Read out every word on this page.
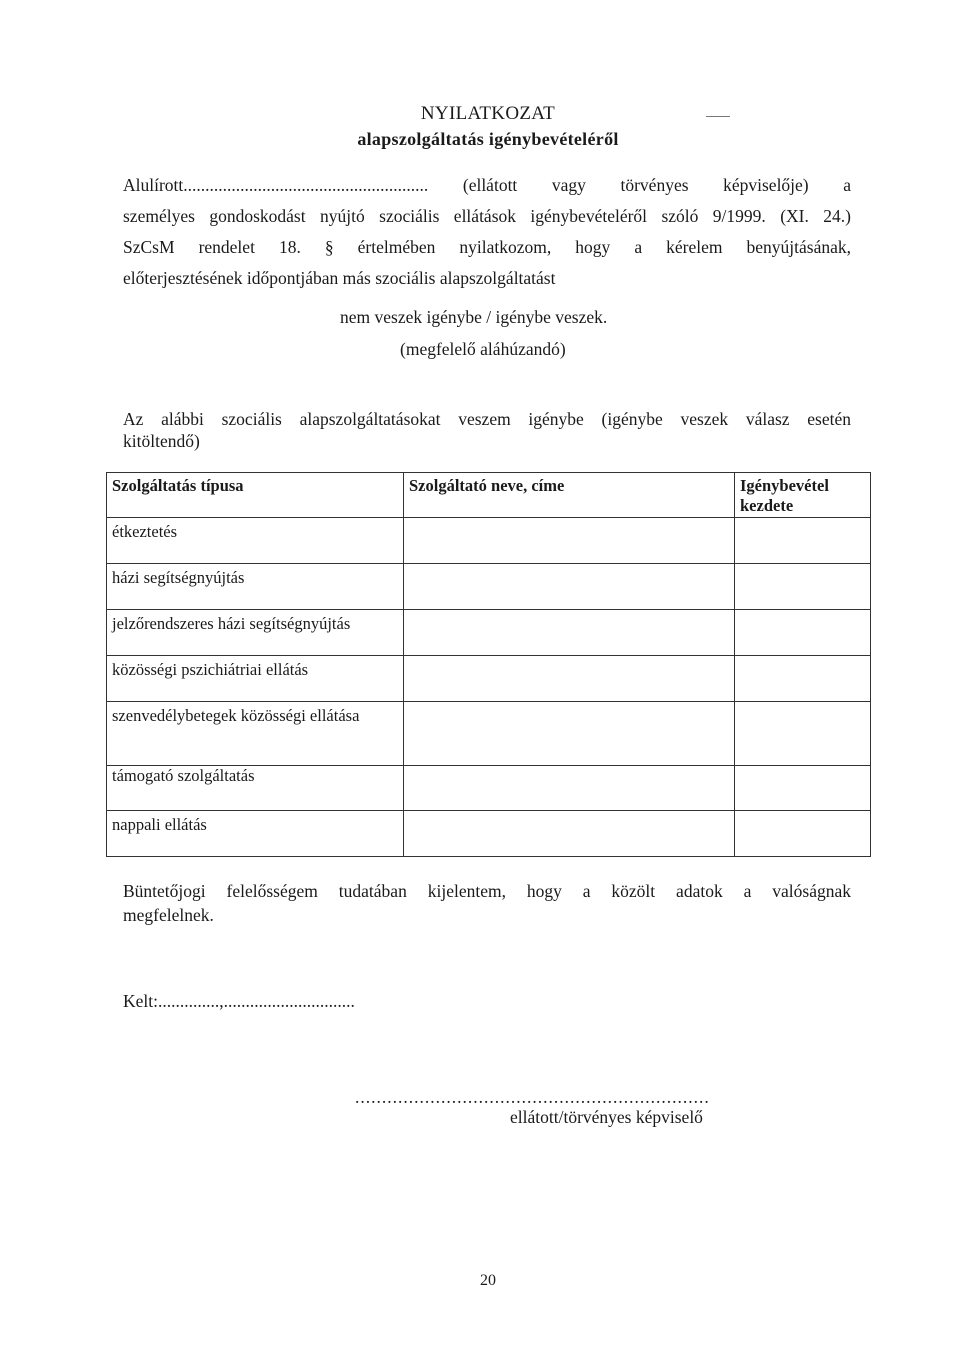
NYILATKOZAT
alapszolgáltatás igénybevételéről
Alulírott........................................................ (ellátott vagy törvényes képviselője) a
személyes gondoskodást nyújtó szociális ellátások igénybevételéről szóló 9/1999. (XI. 24.)
SzCsM rendelet 18. § értelmében nyilatkozom, hogy a kérelem benyújtásának,
előterjesztésének időpontjában más szociális alapszolgáltatást
nem veszek igénybe / igénybe veszek.
(megfelelő aláhúzandó)
Az alábbi szociális alapszolgáltatásokat veszem igénybe (igénybe veszek válasz esetén
kitöltendő)
Szolgáltatás típusa	Szolgáltató neve, címe	Igénybevétel kezdete

étkeztetés		

házi segítségnyújtás		

jelzőrendszeres házi segítségnyújtás		

közösségi pszichiátriai ellátás		

szenvedélybetegek közösségi ellátása		

támogató szolgáltatás		

nappali ellátás		

Büntetőjogi felelősségem tudatában kijelentem, hogy a közölt adatok a valóságnak
megfelelnek.
Kelt:..............,..............................
..................................................................
ellátott/törvényes képviselő
20
